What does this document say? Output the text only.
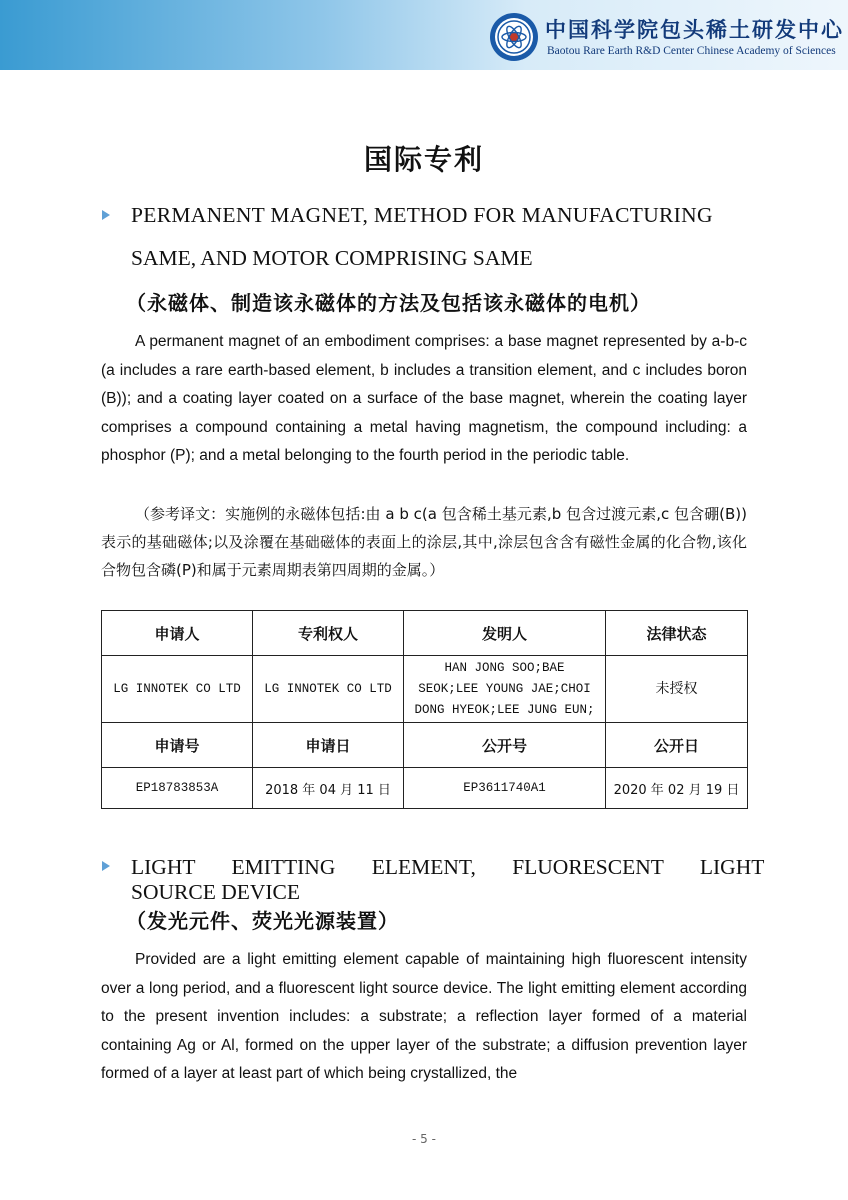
中国科学院包头稀土研发中心
Baotou Rare Earth R&D Center Chinese Academy of Sciences
国际专利
PERMANENT MAGNET, METHOD FOR MANUFACTURING
SAME, AND MOTOR COMPRISING SAME
（永磁体、制造该永磁体的方法及包括该永磁体的电机）

A permanent magnet of an embodiment comprises: a base magnet represented by a-b-c (a includes a rare earth-based element, b includes a transition element, and c includes boron (B)); and a coating layer coated on a surface of the base magnet, wherein the coating layer comprises a compound containing a metal having magnetism, the compound including: a phosphor (P); and a metal belonging to the fourth period in the periodic table.

（参考译文：实施例的永磁体包括:由 a b c(a 包含稀土基元素,b 包含过渡元素,c 包含硼(B))表示的基础磁体;以及涂覆在基础磁体的表面上的涂层,其中,涂层包含含有磁性金属的化合物,该化合物包含磷(P)和属于元素周期表第四周期的金属。）

申请人	专利权人	发明人	法律状态
LG INNOTEK CO LTD	LG INNOTEK CO LTD	HAN JONG SOO;BAE
SEOK;LEE YOUNG JAE;CHOI
DONG HYEOK;LEE JUNG EUN;	未授权
申请号	申请日	公开号	公开日
EP18783853A	2018 年 04 月 11 日	EP3611740A1	2020 年 02 月 19 日
LIGHT EMITTING ELEMENT, FLUORESCENT LIGHT
SOURCE DEVICE
（发光元件、荧光光源装置）

Provided are a light emitting element capable of maintaining high fluorescent intensity over a long period, and a fluorescent light source device. The light emitting element according to the present invention includes: a substrate; a reflection layer formed of a material containing Ag or Al, formed on the upper layer of the substrate; a diffusion prevention layer formed of a layer at least part of which being crystallized, the

- 5 -
